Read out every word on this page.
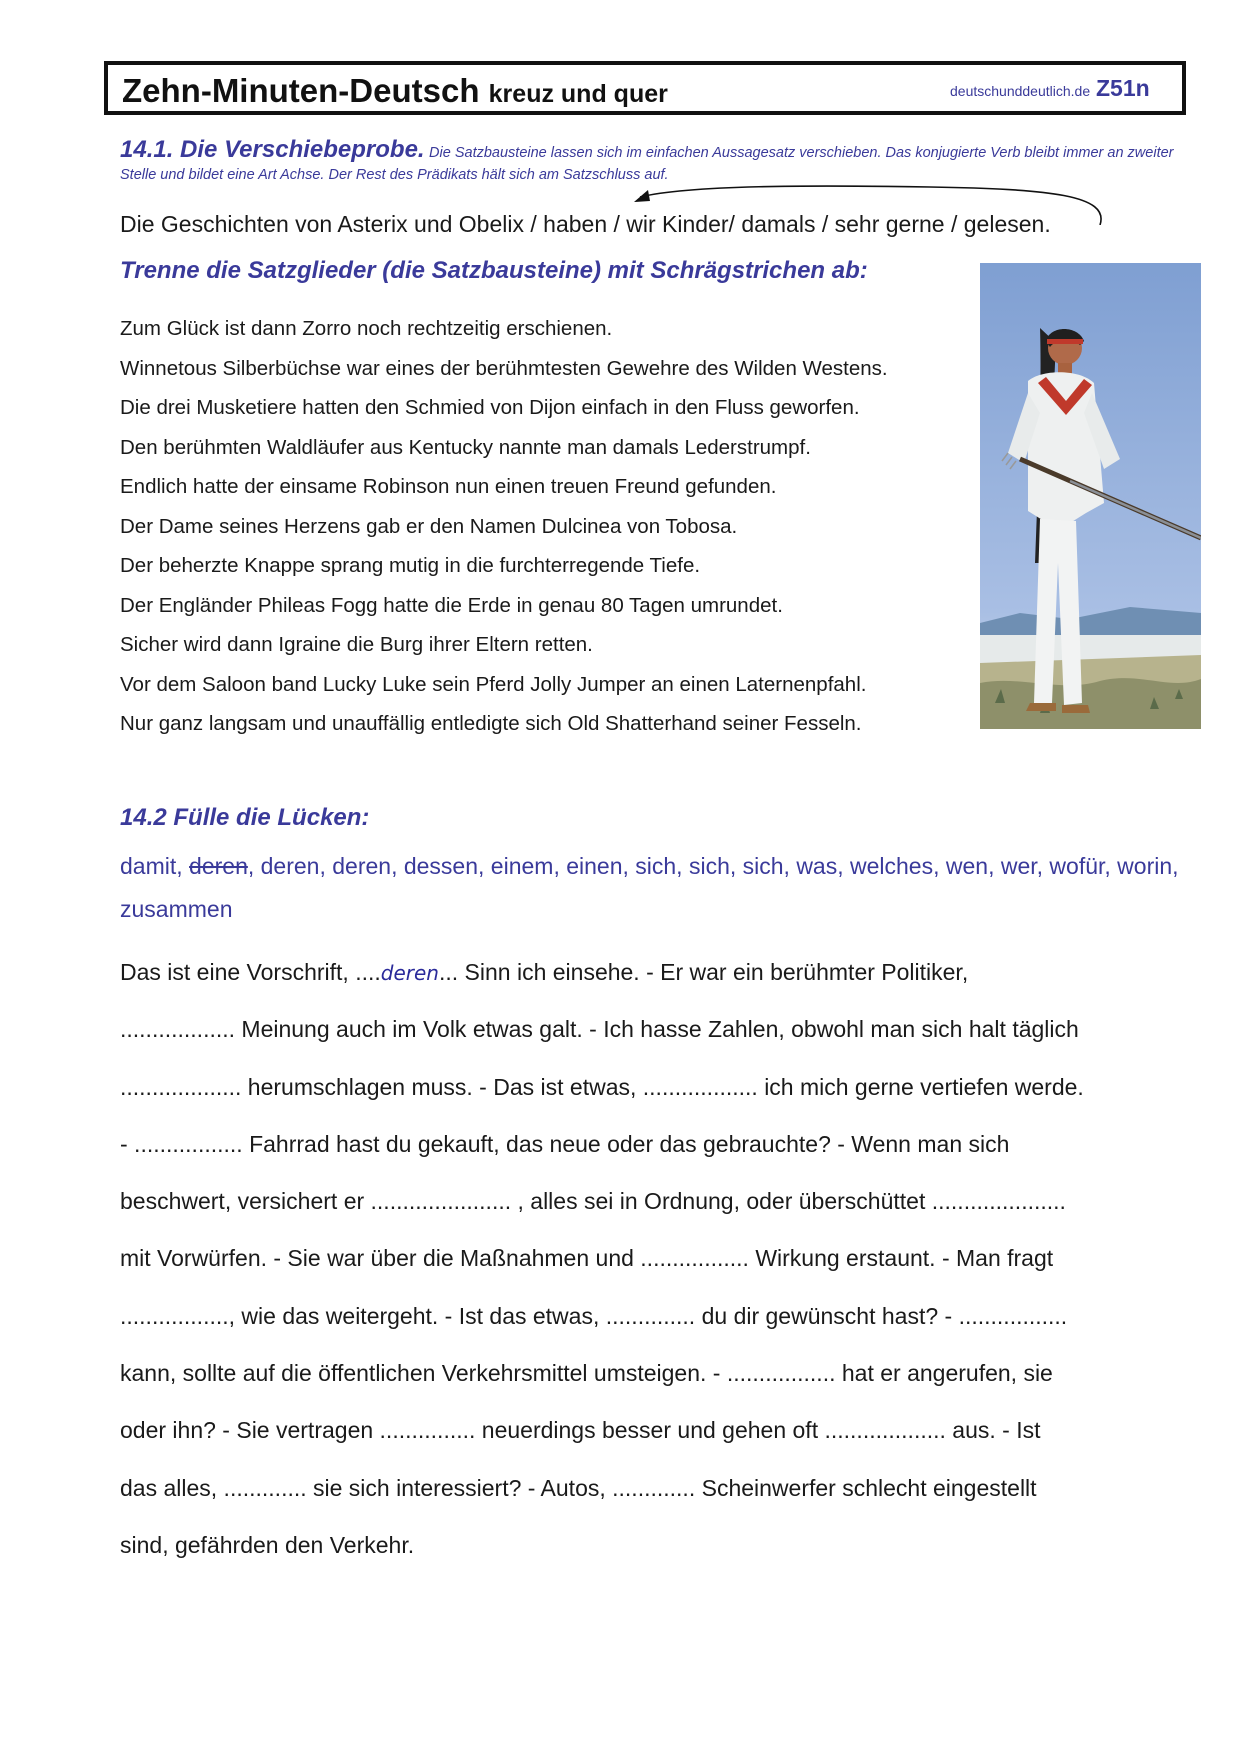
Zehn-Minuten-Deutsch kreuz und quer	deutschunddeutlich.de Z51n
14.1. Die Verschiebeprobe. Die Satzbausteine lassen sich im einfachen Aussagesatz verschieben. Das konjugierte Verb bleibt immer an zweiter Stelle und bildet eine Art Achse. Der Rest des Prädikats hält sich am Satzschluss auf.
Die Geschichten von Asterix und Obelix / haben / wir Kinder/ damals / sehr gerne / gelesen.
Trenne die Satzglieder (die Satzbausteine) mit Schrägstrichen ab:
Zum Glück ist dann Zorro noch rechtzeitig erschienen.
Winnetous Silberbüchse war eines der berühmtesten Gewehre des Wilden Westens.
Die drei Musketiere hatten den Schmied von Dijon einfach in den Fluss geworfen.
Den berühmten Waldläufer aus Kentucky nannte man damals Lederstrumpf.
Endlich hatte der einsame Robinson nun einen treuen Freund gefunden.
Der Dame seines Herzens gab er den Namen Dulcinea von Tobosa.
Der beherzte Knappe sprang mutig in die furchterregende Tiefe.
Der Engländer Phileas Fogg hatte die Erde in genau 80 Tagen umrundet.
Sicher wird dann Igraine die Burg ihrer Eltern retten.
Vor dem Saloon band Lucky Luke sein Pferd Jolly Jumper an einen Laternenpfahl.
Nur ganz langsam und unauffällig entledigte sich Old Shatterhand seiner Fesseln.
14.2 Fülle die Lücken:
damit, deren, deren, deren, dessen, einem, einen, sich, sich, sich, was, welches, wen, wer, wofür, worin, zusammen
Das ist eine Vorschrift, ....deren... Sinn ich einsehe. - Er war ein berühmter Politiker,
.................. Meinung auch im Volk etwas galt. - Ich hasse Zahlen, obwohl man sich halt täglich
................... herumschlagen muss. - Das ist etwas, .................. ich mich gerne vertiefen werde.
- ................. Fahrrad hast du gekauft, das neue oder das gebrauchte? - Wenn man sich
beschwert, versichert er ...................... , alles sei in Ordnung, oder überschüttet .....................
mit Vorwürfen. - Sie war über die Maßnahmen und ................. Wirkung erstaunt. - Man fragt
................., wie das weitergeht. - Ist das etwas, .............. du dir gewünscht hast? - .................
kann, sollte auf die öffentlichen Verkehrsmittel umsteigen. - ................. hat er angerufen, sie
oder ihn? - Sie vertragen ............... neuerdings besser und gehen oft ................... aus. - Ist
das alles, ............. sie sich interessiert? - Autos, ............. Scheinwerfer schlecht eingestellt
sind, gefährden den Verkehr.
